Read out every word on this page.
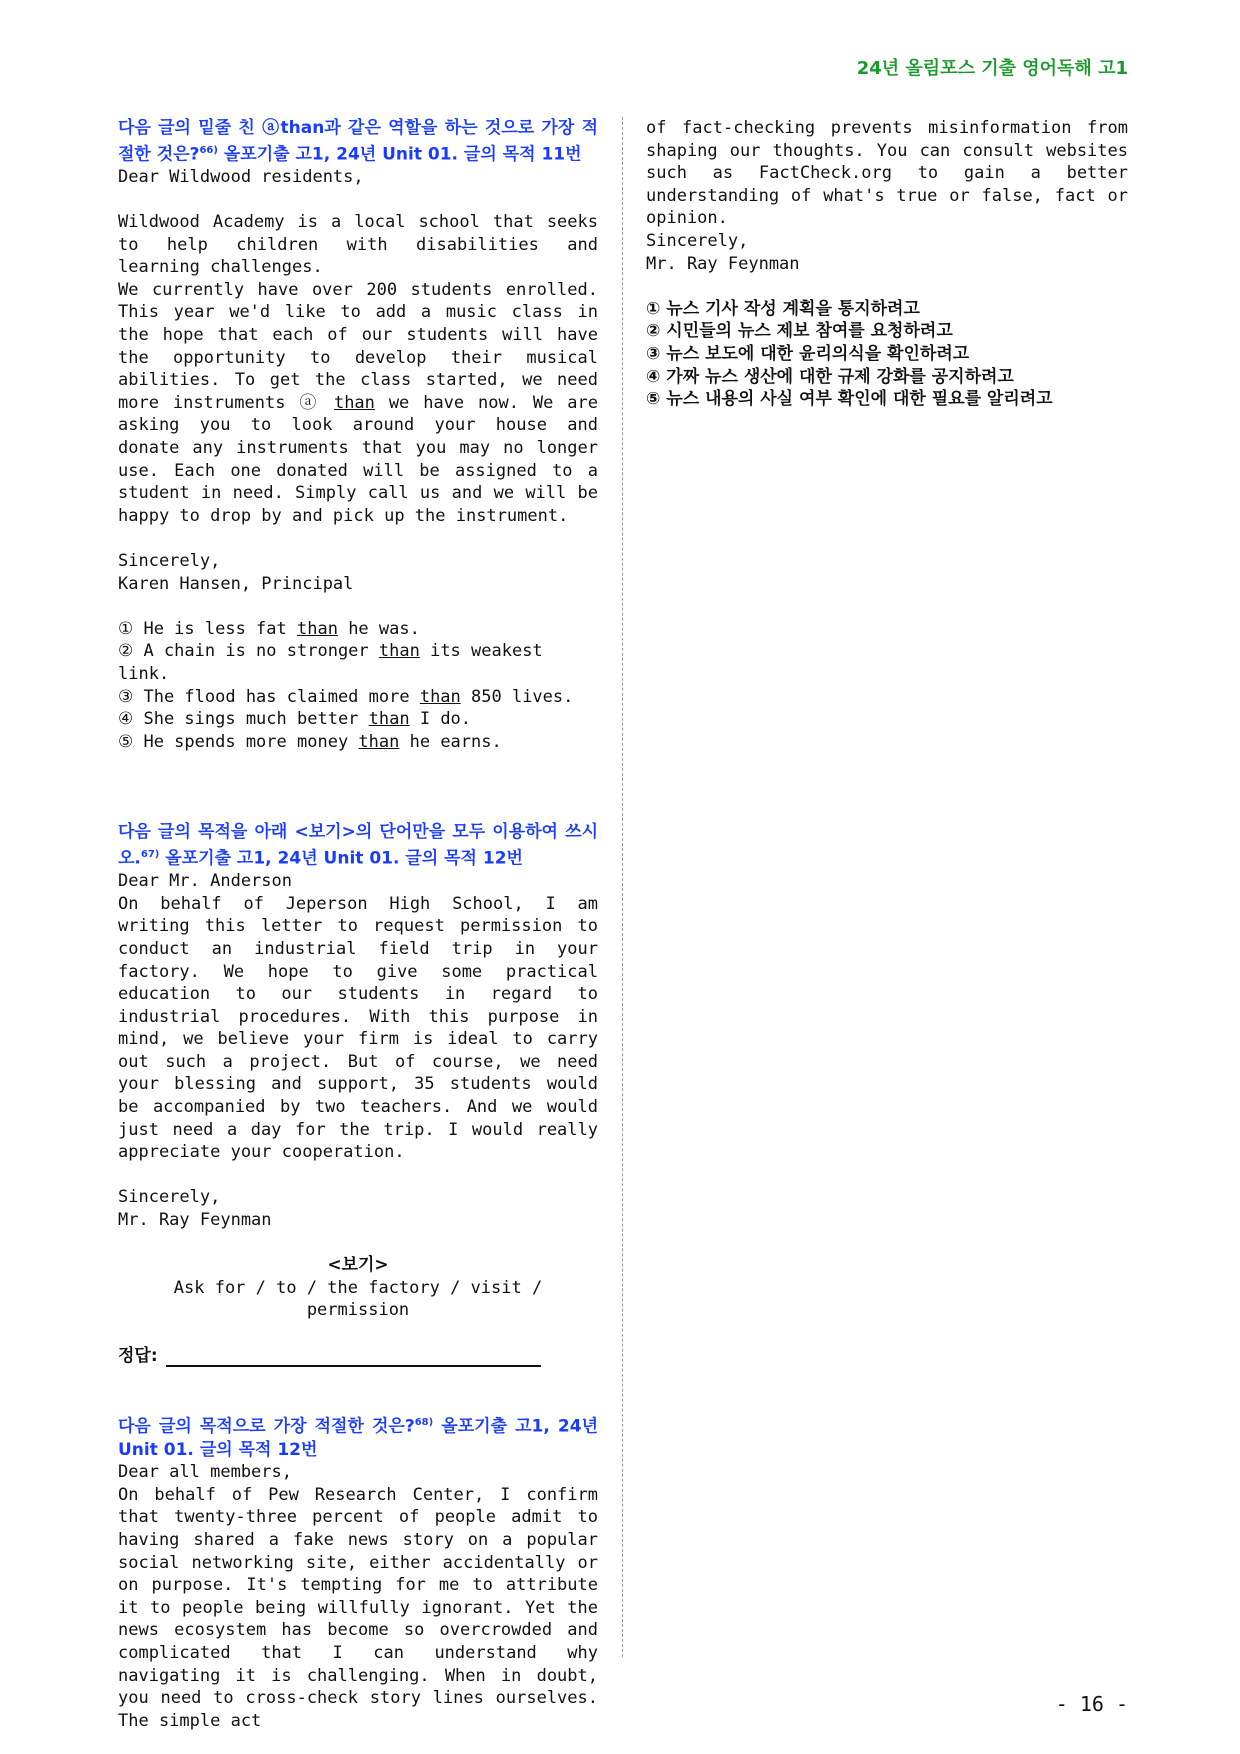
24년 올림포스 기출 영어독해 고1
다음 글의 밑줄 친 ⓐthan과 같은 역할을 하는 것으로 가장 적절한 것은?$^{66)}$ 올포기출 고1, 24년 Unit 01. 글의 목적 11번

Dear Wildwood residents,

Wildwood Academy is a local school that seeks to help children with disabilities and learning challenges.

We currently have over 200 students enrolled. This year we'd like to add a music class in the hope that each of our students will have the opportunity to develop their musical abilities. To get the class started, we need more instruments ⓐ than we have now. We are asking you to look around your house and donate any instruments that you may no longer use. Each one donated will be assigned to a student in need. Simply call us and we will be happy to drop by and pick up the instrument.

Sincerely,

Karen Hansen, Principal

① He is less fat than he was.

② A chain is no stronger than its weakest link.

③ The flood has claimed more than 850 lives.

④ She sings much better than I do.

⑤ He spends more money than he earns.

다음 글의 목적을 아래 <보기>의 단어만을 모두 이용하여 쓰시오.$^{67)}$ 올포기출 고1, 24년 Unit 01. 글의 목적 12번

Dear Mr. Anderson

On behalf of Jeperson High School, I am writing this letter to request permission to conduct an industrial field trip in your factory. We hope to give some practical education to our students in regard to industrial procedures. With this purpose in mind, we believe your firm is ideal to carry out such a project. But of course, we need your blessing and support, 35 students would be accompanied by two teachers. And we would just need a day for the trip. I would really appreciate your cooperation.

Sincerely,

Mr. Ray Feynman

<보기>

Ask for / to / the factory / visit / permission

정답:

다음 글의 목적으로 가장 적절한 것은?$^{68)}$ 올포기출 고1, 24년 Unit 01. 글의 목적 12번

Dear all members,

On behalf of Pew Research Center, I confirm that twenty-three percent of people admit to having shared a fake news story on a popular social networking site, either accidentally or on purpose. It's tempting for me to attribute it to people being willfully ignorant. Yet the news ecosystem has become so overcrowded and complicated that I can understand why navigating it is challenging. When in doubt, you need to cross-check story lines ourselves. The simple act

of fact-checking prevents misinformation from shaping our thoughts. You can consult websites such as FactCheck.org to gain a better understanding of what's true or false, fact or opinion.

Sincerely,

Mr. Ray Feynman

① 뉴스 기사 작성 계획을 통지하려고

② 시민들의 뉴스 제보 참여를 요청하려고

③ 뉴스 보도에 대한 윤리의식을 확인하려고

④ 가짜 뉴스 생산에 대한 규제 강화를 공지하려고

⑤ 뉴스 내용의 사실 여부 확인에 대한 필요를 알리려고

- 16 -
